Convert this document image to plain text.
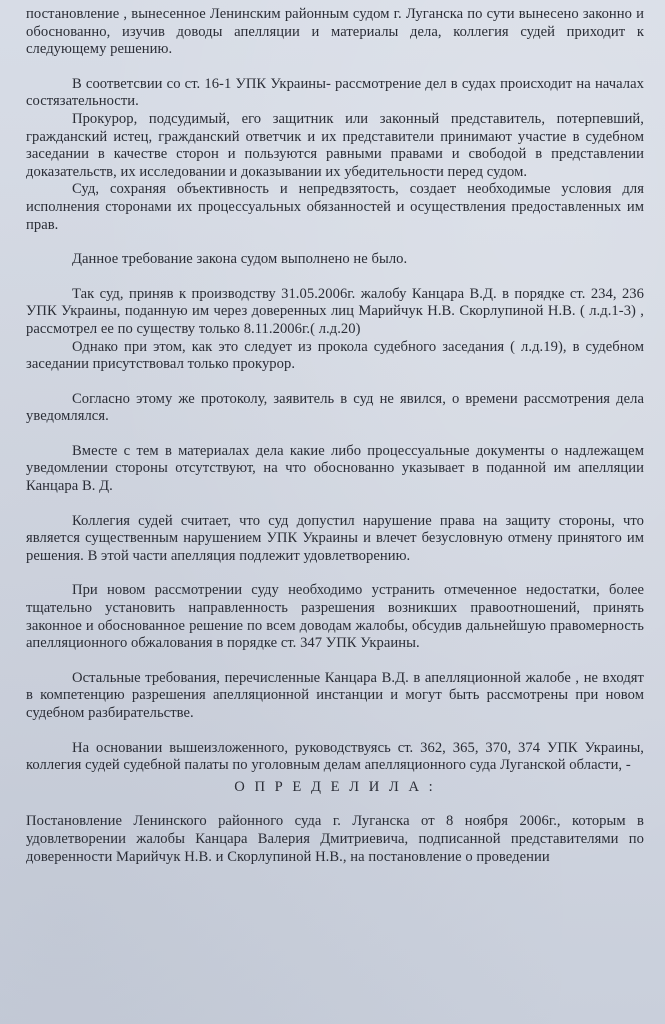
постановление , вынесенное Ленинским районным судом г. Луганска по сути вынесено законно и обоснованно, изучив доводы апелляции и материалы дела, коллегия судей приходит к следующему решению.

В соответсвии со ст. 16-1 УПК Украины- рассмотрение дел в судах происходит на началах состязательности.

Прокурор, подсудимый, его защитник или законный представитель, потерпевший, гражданский истец, гражданский ответчик и их представители принимают участие в судебном заседании в качестве сторон и пользуются равными правами и свободой в представлении доказательств, их исследовании и доказывании их убедительности перед судом.

Суд, сохраняя объективность и непредвзятость, создает необходимые условия для исполнения сторонами их процессуальных обязанностей и осуществления предоставленных им прав.

Данное требование закона судом выполнено не было.

Так суд, приняв к производству 31.05.2006г. жалобу Канцара В.Д. в порядке ст. 234, 236 УПК Украины, поданную им через доверенных лиц Марийчук Н.В. Скорлупиной Н.В. ( л.д.1-3) , рассмотрел ее по существу только 8.11.2006г.( л.д.20)

Однако при этом, как это следует из прокола судебного заседания ( л.д.19), в судебном заседании присутствовал только прокурор.

Согласно этому же протоколу, заявитель в суд не явился, о времени рассмотрения дела уведомлялся.

Вместе с тем в материалах дела какие либо процессуальные документы о надлежащем уведомлении стороны отсутствуют, на что обоснованно указывает в поданной им апелляции Канцара В. Д.

Коллегия судей считает, что суд допустил нарушение права на защиту стороны, что является существенным нарушением УПК Украины и влечет безусловную отмену принятого им решения. В этой части апелляция подлежит удовлетворению.

При новом рассмотрении суду необходимо устранить отмеченное недостатки, более тщательно установить направленность разрешения возникших правоотношений, принять законное и обоснованное решение по всем доводам жалобы, обсудив дальнейшую правомерность апелляционного обжалования в порядке ст. 347 УПК Украины.

Остальные требования, перечисленные Канцара В.Д. в апелляционной жалобе , не входят в компетенцию разрешения апелляционной инстанции и могут быть рассмотрены при новом судебном разбирательстве.

На основании вышеизложенного, руководствуясь ст. 362, 365, 370, 374 УПК Украины, коллегия судей судебной палаты по уголовным делам апелляционного суда Луганской области, -

О П Р Е Д Е Л И Л А :

Постановление Ленинского районного суда г. Луганска от 8 ноября 2006г., которым в удовлетворении жалобы Канцара Валерия Дмитриевича, подписанной представителями по доверенности Марийчук Н.В. и Скорлупиной Н.В., на постановление о проведении
